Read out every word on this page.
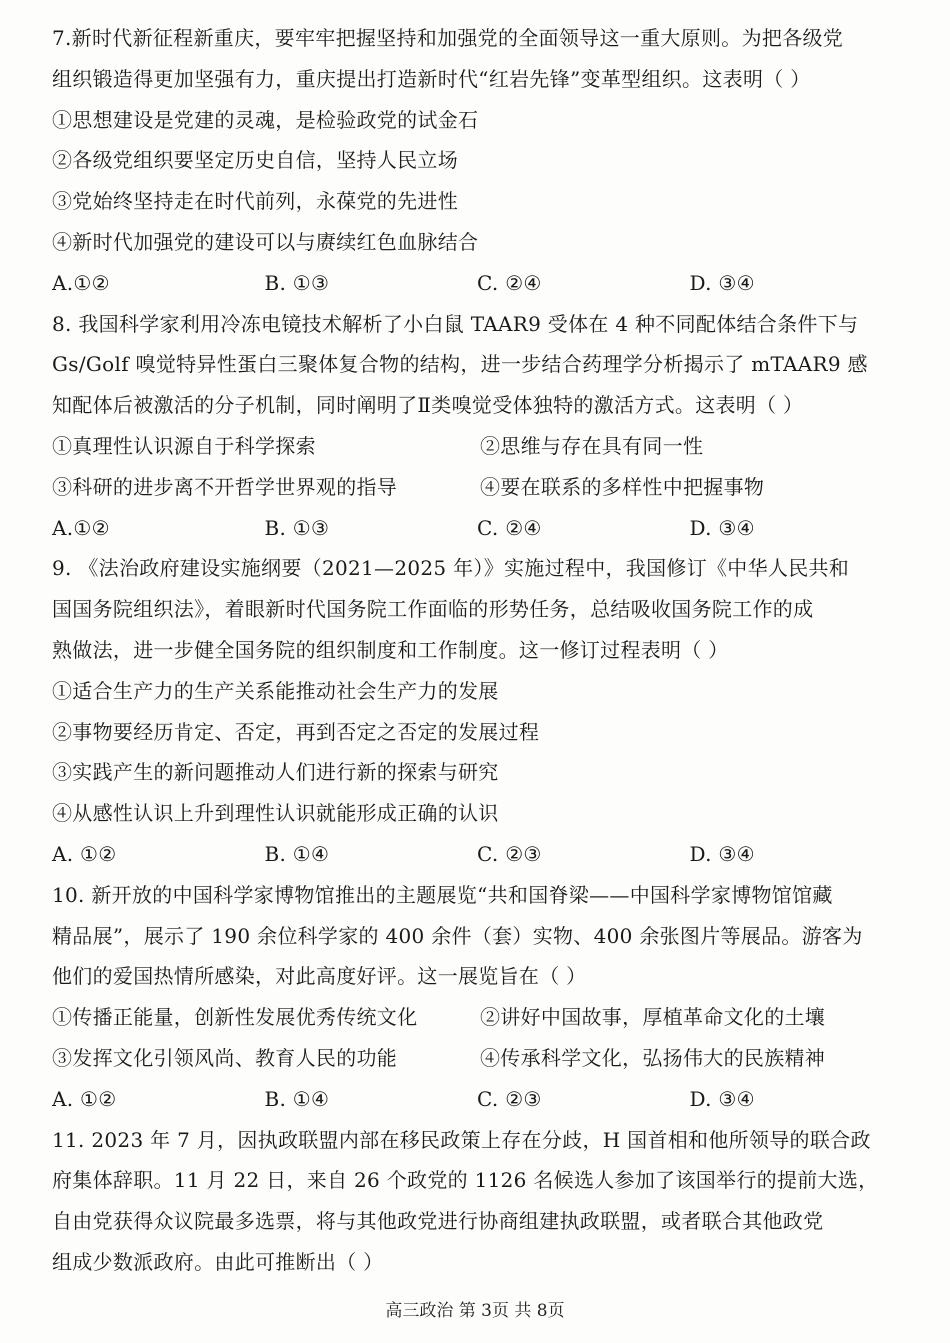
7.新时代新征程新重庆，要牢牢把握坚持和加强党的全面领导这一重大原则。为把各级党
组织锻造得更加坚强有力，重庆提出打造新时代“红岩先锋”变革型组织。这表明（ ）
①思想建设是党建的灵魂，是检验政党的试金石
②各级党组织要坚定历史自信，坚持人民立场
③党始终坚持走在时代前列，永葆党的先进性
④新时代加强党的建设可以与赓续红色血脉结合
A.①②	B. ①③	C. ②④	D. ③④
8. 我国科学家利用冷冻电镜技术解析了小白鼠 TAAR9 受体在 4 种不同配体结合条件下与
Gs/Golf 嗅觉特异性蛋白三聚体复合物的结构，进一步结合药理学分析揭示了 mTAAR9 感
知配体后被激活的分子机制，同时阐明了Ⅱ类嗅觉受体独特的激活方式。这表明（ ）
①真理性认识源自于科学探索	②思维与存在具有同一性
③科研的进步离不开哲学世界观的指导	④要在联系的多样性中把握事物
A.①②	B. ①③	C. ②④	D. ③④
9. 《法治政府建设实施纲要（2021—2025 年）》实施过程中，我国修订《中华人民共和
国国务院组织法》，着眼新时代国务院工作面临的形势任务，总结吸收国务院工作的成
熟做法，进一步健全国务院的组织制度和工作制度。这一修订过程表明（ ）
①适合生产力的生产关系能推动社会生产力的发展
②事物要经历肯定、否定，再到否定之否定的发展过程
③实践产生的新问题推动人们进行新的探索与研究
④从感性认识上升到理性认识就能形成正确的认识
A. ①②	B. ①④	C. ②③	D. ③④
10. 新开放的中国科学家博物馆推出的主题展览“共和国脊梁——中国科学家博物馆馆藏
精品展”，展示了 190 余位科学家的 400 余件（套）实物、400 余张图片等展品。游客为
他们的爱国热情所感染，对此高度好评。这一展览旨在（ ）
①传播正能量，创新性发展优秀传统文化	②讲好中国故事，厚植革命文化的土壤
③发挥文化引领风尚、教育人民的功能	④传承科学文化，弘扬伟大的民族精神
A. ①②	B. ①④	C. ②③	D. ③④
11. 2023 年 7 月，因执政联盟内部在移民政策上存在分歧，H 国首相和他所领导的联合政
府集体辞职。11 月 22 日，来自 26 个政党的 1126 名候选人参加了该国举行的提前大选，
自由党获得众议院最多选票，将与其他政党进行协商组建执政联盟，或者联合其他政党
组成少数派政府。由此可推断出（ ）
高三政治 第 3页 共 8页
